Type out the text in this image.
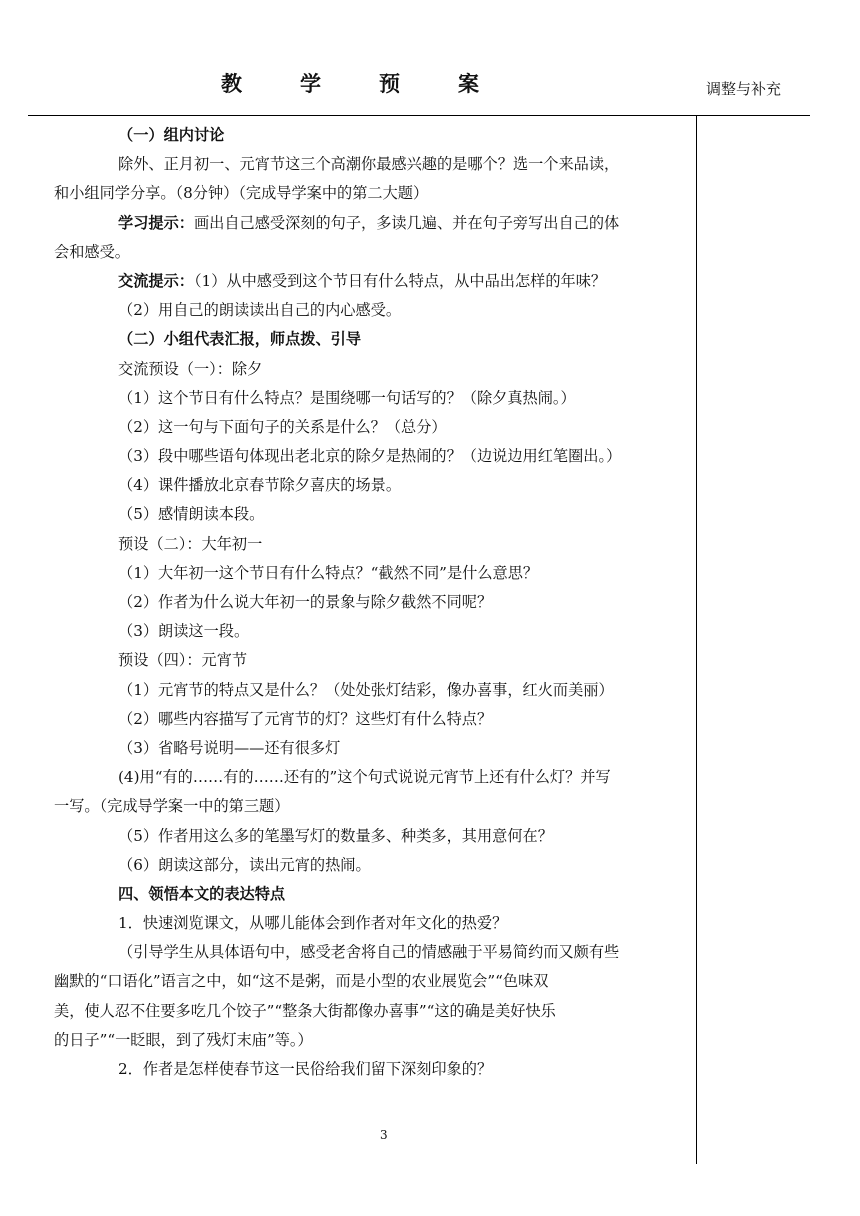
教学预案	调整与补充
（一）组内讨论
除外、正月初一、元宵节这三个高潮你最感兴趣的是哪个？选一个来品读，
和小组同学分享。（8分钟）（完成导学案中的第二大题）
学习提示：画出自己感受深刻的句子，多读几遍、并在句子旁写出自己的体
会和感受。
交流提示：（1）从中感受到这个节日有什么特点，从中品出怎样的年味？
（2）用自己的朗读读出自己的内心感受。
（二）小组代表汇报，师点拨、引导
交流预设（一）：除夕
（1）这个节日有什么特点？是围绕哪一句话写的？（除夕真热闹。）
（2）这一句与下面句子的关系是什么？（总分）
（3）段中哪些语句体现出老北京的除夕是热闹的？（边说边用红笔圈出。）
（4）课件播放北京春节除夕喜庆的场景。
（5）感情朗读本段。
预设（二）：大年初一
（1）大年初一这个节日有什么特点？“截然不同”是什么意思？
（2）作者为什么说大年初一的景象与除夕截然不同呢？
（3）朗读这一段。
预设（四）：元宵节
（1）元宵节的特点又是什么？（处处张灯结彩，像办喜事，红火而美丽）
（2）哪些内容描写了元宵节的灯？这些灯有什么特点？
（3）省略号说明——还有很多灯
(4)用“有的……有的……还有的”这个句式说说元宵节上还有什么灯？并写
一写。（完成导学案一中的第三题）
（5）作者用这么多的笔墨写灯的数量多、种类多，其用意何在？
（6）朗读这部分，读出元宵的热闹。
四、领悟本文的表达特点
1．快速浏览课文，从哪儿能体会到作者对年文化的热爱？
（引导学生从具体语句中，感受老舍将自己的情感融于平易简约而又颇有些
幽默的“口语化”语言之中，如“这不是粥，而是小型的农业展览会”“色味双
美，使人忍不住要多吃几个饺子”“整条大街都像办喜事”“这的确是美好快乐
的日子”“一眨眼，到了残灯末庙”等。）
2．作者是怎样使春节这一民俗给我们留下深刻印象的？
3
